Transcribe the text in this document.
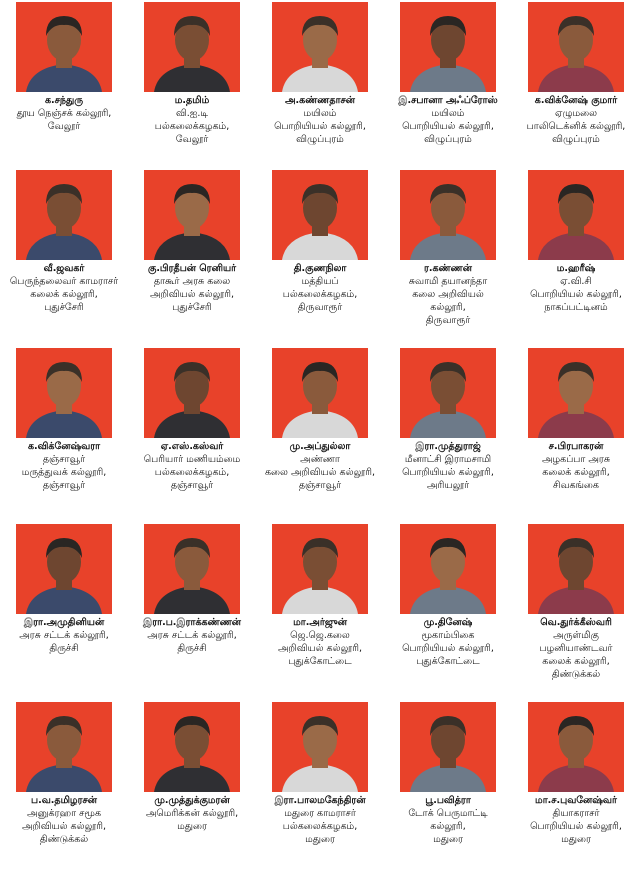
க.சந்துரு
தூய நெஞ்சக் கல்லூரி,
வேலூர்
ம.தமிம்
வி.ஐ.டி
பல்கலைக்கழகம்,
வேலூர்
அ.கண்ணதாசன்
மயிலம்
பொறியியல் கல்லூரி,
விழுப்புரம்
இ.சபானா அஃப்ரோஸ்
மயிலம்
பொறியியல் கல்லூரி,
விழுப்புரம்
க.விக்னேஷ் குமார்
ஏழுமலை
பாலிடெக்னிக் கல்லூரி,
விழுப்புரம்
வீ.ஜவகர்
பெருந்தலைவர் காமராசர்
கலைக் கல்லூரி,
புதுச்சேரி
கு.பிரதீபன் ரெனியர்
தாகூர் அரசு கலை
அறிவியல் கல்லூரி,
புதுச்சேரி
தி.குணநிலா
மத்தியப்
பல்கலைக்கழகம்,
திருவாரூர்
ர.கண்ணன்
சுவாமி தயானந்தா
கலை அறிவியல்
கல்லூரி,
திருவாரூர்
ம.ஹரீஷ்
ஏ.வி.சி
பொறியியல் கல்லூரி,
நாகப்பட்டினம்
க.விக்னேஷ்வரா
தஞ்சாவூர்
மருத்துவக் கல்லூரி,
தஞ்சாவூர்
ஏ.எஸ்.கஸ்வர்
பெரியார் மணியம்மை
பல்கலைக்கழகம்,
தஞ்சாவூர்
மு.அப்துல்லா
அண்ணா
கலை அறிவியல் கல்லூரி,
தஞ்சாவூர்
இரா.முத்துராஜ்
மீனாட்சி இராமசாமி
பொறியியல் கல்லூரி,
அரியலூர்
ச.பிரபாகரன்
அழகப்பா அரசு
கலைக் கல்லூரி,
சிவகங்கை
இரா.அமுதினியன்
அரசு சட்டக் கல்லூரி,
திருச்சி
இரா.ப.இராக்கண்ணன்
அரசு சட்டக் கல்லூரி,
திருச்சி
மா.அர்ஜுன்
ஜெ.ஜெ.கலை
அறிவியல் கல்லூரி,
புதுக்கோட்டை
மு.தினேஷ்
மூகாம்பிகை
பொறியியல் கல்லூரி,
புதுக்கோட்டை
வெ.துர்க்கீஸ்வரி
அருள்மிகு
பழனியாண்டவர்
கலைக் கல்லூரி,
திண்டுக்கல்
ப.வ.தமிழரசன்
அனுக்ரஹா சமூக
அறிவியல் கல்லூரி,
திண்டுக்கல்
மு.முத்துக்குமரன்
அமெரிக்கன் கல்லூரி,
மதுரை
இரா.பாலமகேந்திரன்
மதுரை காமராசர்
பல்கலைக்கழகம்,
மதுரை
பூ.பவித்ரா
டோக் பெருமாட்டி
கல்லூரி,
மதுரை
மா.ச.புவனேஷ்வர்
தியாகராசர்
பொறியியல் கல்லூரி,
மதுரை
